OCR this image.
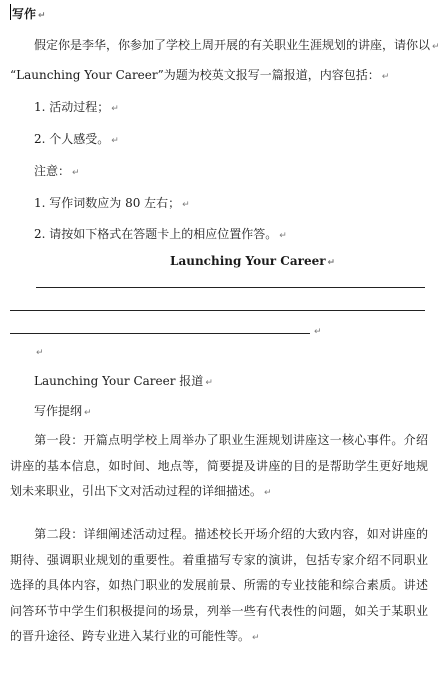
写作 ↵
假定你是李华，你参加了学校上周开展的有关职业生涯规划的讲座，请你以 ↵
“Launching Your Career”为题为校英文报写一篇报道，内容包括： ↵
1. 活动过程； ↵
2. 个人感受。 ↵
注意： ↵
1. 写作词数应为 80 左右； ↵
2. 请按如下格式在答题卡上的相应位置作答。 ↵
Launching Your Career ↵
↵
↵
Launching Your Career 报道 ↵
写作提纲 ↵
第一段：开篇点明学校上周举办了职业生涯规划讲座这一核心事件。介绍讲座的基本信息，如时间、地点等，简要提及讲座的目的是帮助学生更好地规划未来职业，引出下文对活动过程的详细描述。 ↵
第二段：详细阐述活动过程。描述校长开场介绍的大致内容，如对讲座的期待、强调职业规划的重要性。着重描写专家的演讲，包括专家介绍不同职业选择的具体内容，如热门职业的发展前景、所需的专业技能和综合素质。讲述问答环节中学生们积极提问的场景，列举一些有代表性的问题，如关于某职业的晋升途径、跨专业进入某行业的可能性等。 ↵
